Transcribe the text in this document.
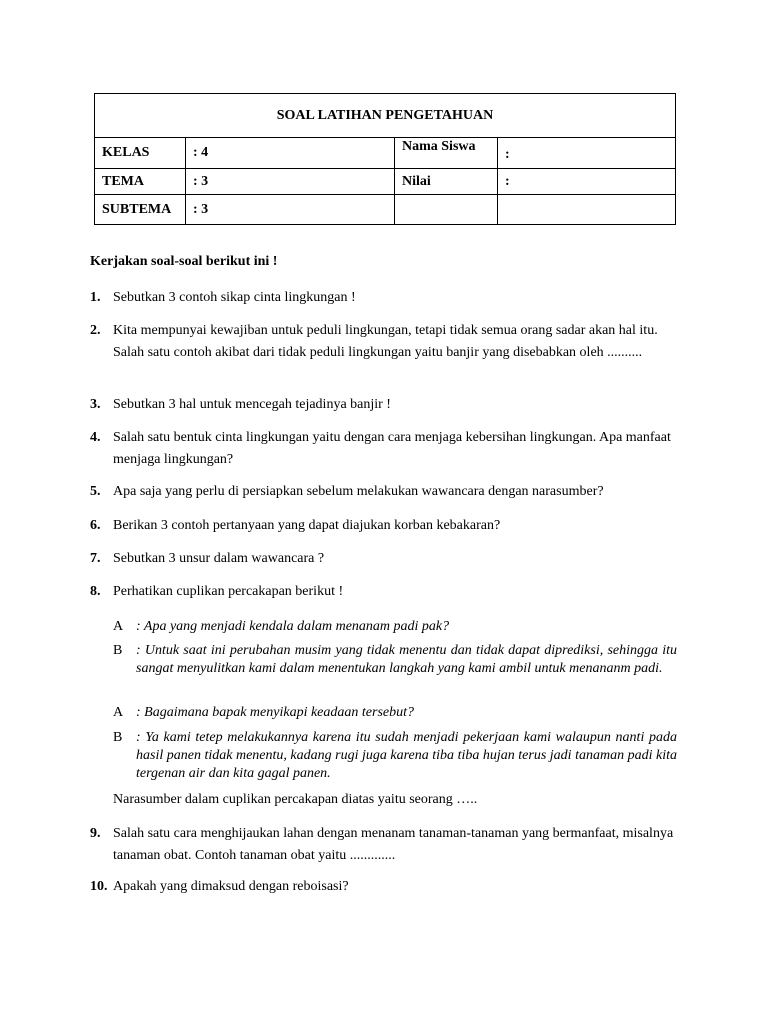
SOAL LATIHAN PENGETAHUAN			
KELAS	: 4	Nama Siswa	:
TEMA	: 3	Nilai	:
SUBTEMA	: 3		
Kerjakan soal-soal berikut ini !
1. Sebutkan 3 contoh sikap cinta lingkungan !
2. Kita mempunyai kewajiban untuk peduli lingkungan, tetapi tidak semua orang sadar akan hal itu. Salah satu contoh akibat dari tidak peduli lingkungan yaitu banjir yang disebabkan oleh ..........
3. Sebutkan 3 hal untuk mencegah tejadinya banjir !
4. Salah satu bentuk cinta lingkungan yaitu dengan cara menjaga kebersihan lingkungan. Apa manfaat menjaga lingkungan?
5. Apa saja yang perlu di persiapkan sebelum melakukan wawancara dengan narasumber?
6. Berikan 3 contoh pertanyaan yang dapat diajukan korban kebakaran?
7. Sebutkan 3 unsur dalam wawancara ?
8. Perhatikan cuplikan percakapan berikut !
A : Apa yang menjadi kendala dalam menanam padi pak?
B : Untuk saat ini perubahan musim yang tidak menentu dan tidak dapat diprediksi, sehingga itu sangat menyulitkan kami dalam menentukan langkah yang kami ambil untuk menananm padi.
A : Bagaimana bapak menyikapi keadaan tersebut?
B : Ya kami tetep melakukannya karena itu sudah menjadi pekerjaan kami walaupun nanti pada hasil panen tidak menentu, kadang rugi juga karena tiba tiba hujan terus jadi tanaman padi kita tergenan air dan kita gagal panen.
Narasumber dalam cuplikan percakapan diatas yaitu seorang …..
9. Salah satu cara menghijaukan lahan dengan menanam tanaman-tanaman yang bermanfaat, misalnya tanaman obat. Contoh tanaman obat yaitu .............
10. Apakah yang dimaksud dengan reboisasi?
